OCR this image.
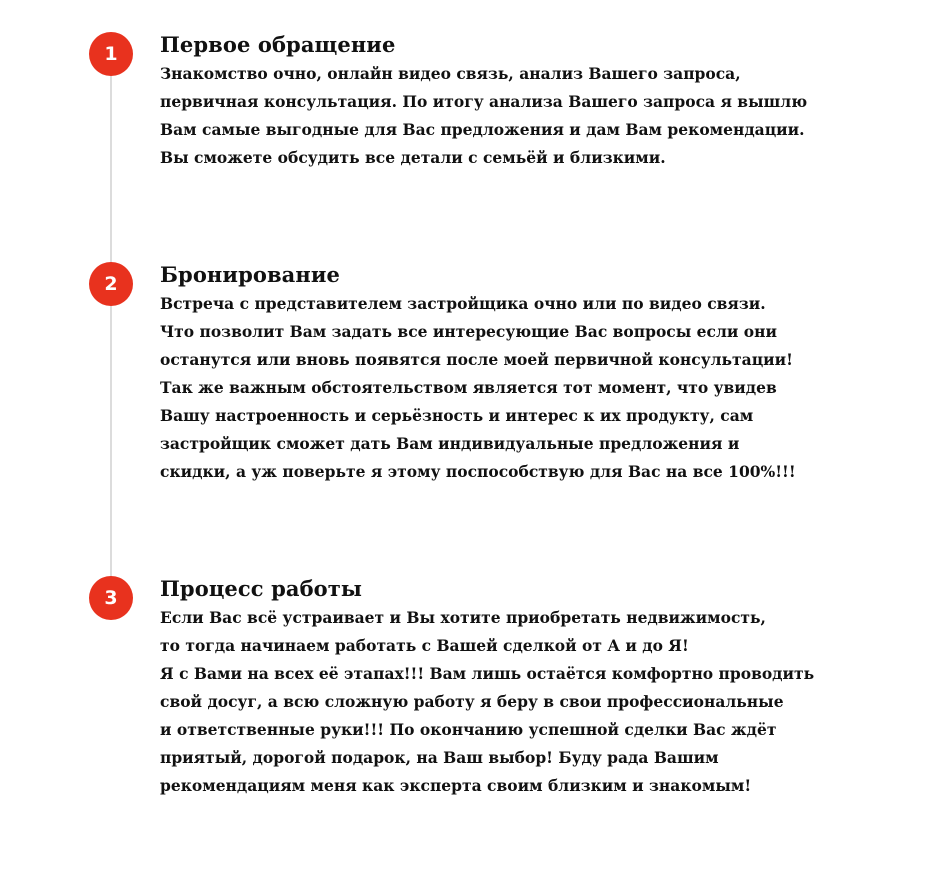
1	Первое обращение

Знакомство очно, онлайн видео связь, анализ Вашего запроса,
первичная консультация. По итогу анализа Вашего запроса я вышлю
Вам самые выгодные для Вас предложения и дам Вам рекомендации.
Вы сможете обсудить все детали с семьёй и близкими.

2	Бронирование

Встреча с представителем застройщика очно или по видео связи.
Что позволит Вам задать все интересующие Вас вопросы если они
останутся или вновь появятся после моей первичной консультации!
Так же важным обстоятельством является тот момент, что увидев
Вашу настроенность и серьёзность и интерес к их продукту, сам
застройщик сможет дать Вам индивидуальные предложения и
скидки, а уж поверьте я этому поспособствую для Вас на все 100%!!!

3	Процесс работы

Если Вас всё устраивает и Вы хотите приобретать недвижимость,
то тогда начинаем работать с Вашей сделкой от А и до Я!
Я с Вами на всех её этапах!!! Вам лишь остаётся комфортно проводить
свой досуг, а всю сложную работу я беру в свои профессиональные
и ответственные руки!!! По окончанию успешной сделки Вас ждёт
приятый, дорогой подарок, на Ваш выбор! Буду рада Вашим
рекомендациям меня как эксперта своим близким и знакомым!
